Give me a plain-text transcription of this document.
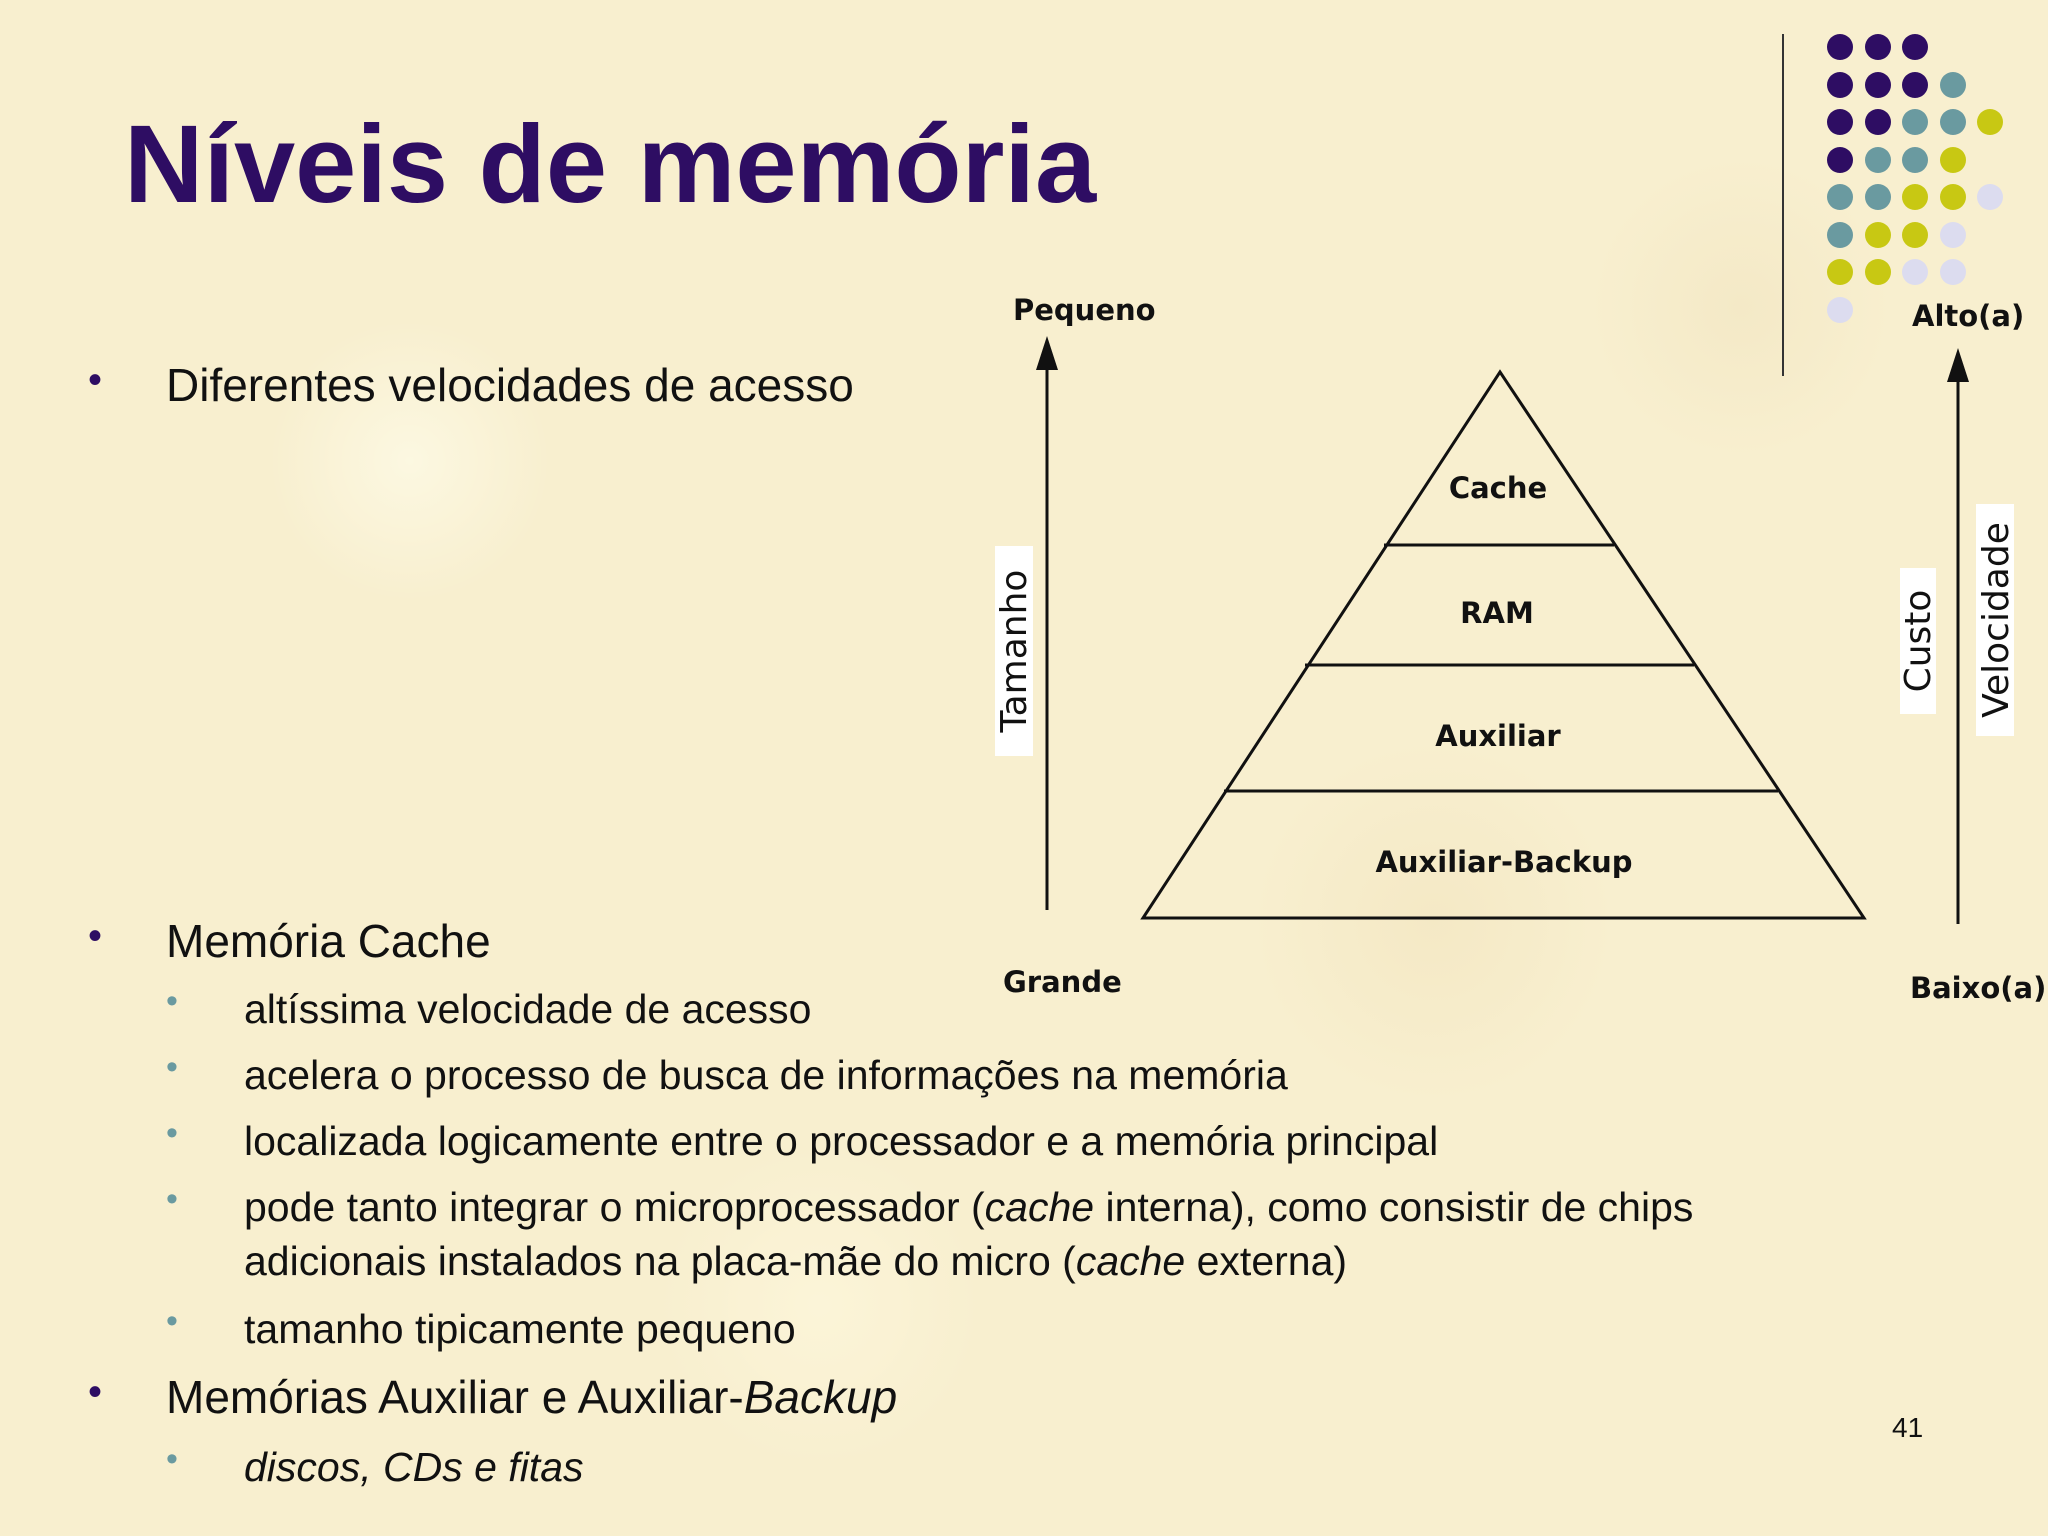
Níveis de memória
• Diferentes velocidades de acesso
• Memória Cache
• altíssima velocidade de acesso
• acelera o processo de busca de informações na memória
• localizada logicamente entre o processador e a memória principal
• pode tanto integrar o microprocessador (cache interna), como consistir de chips
adicionais instalados na placa-mãe do micro (cache externa)
• tamanho tipicamente pequeno
• Memórias Auxiliar e Auxiliar-Backup
• discos, CDs e fitas
41
Pequeno
Grande
Tamanho
Alto(a)
Baixo(a)
Custo Velocidade
Cache
RAM
Auxiliar
Auxiliar-Backup
